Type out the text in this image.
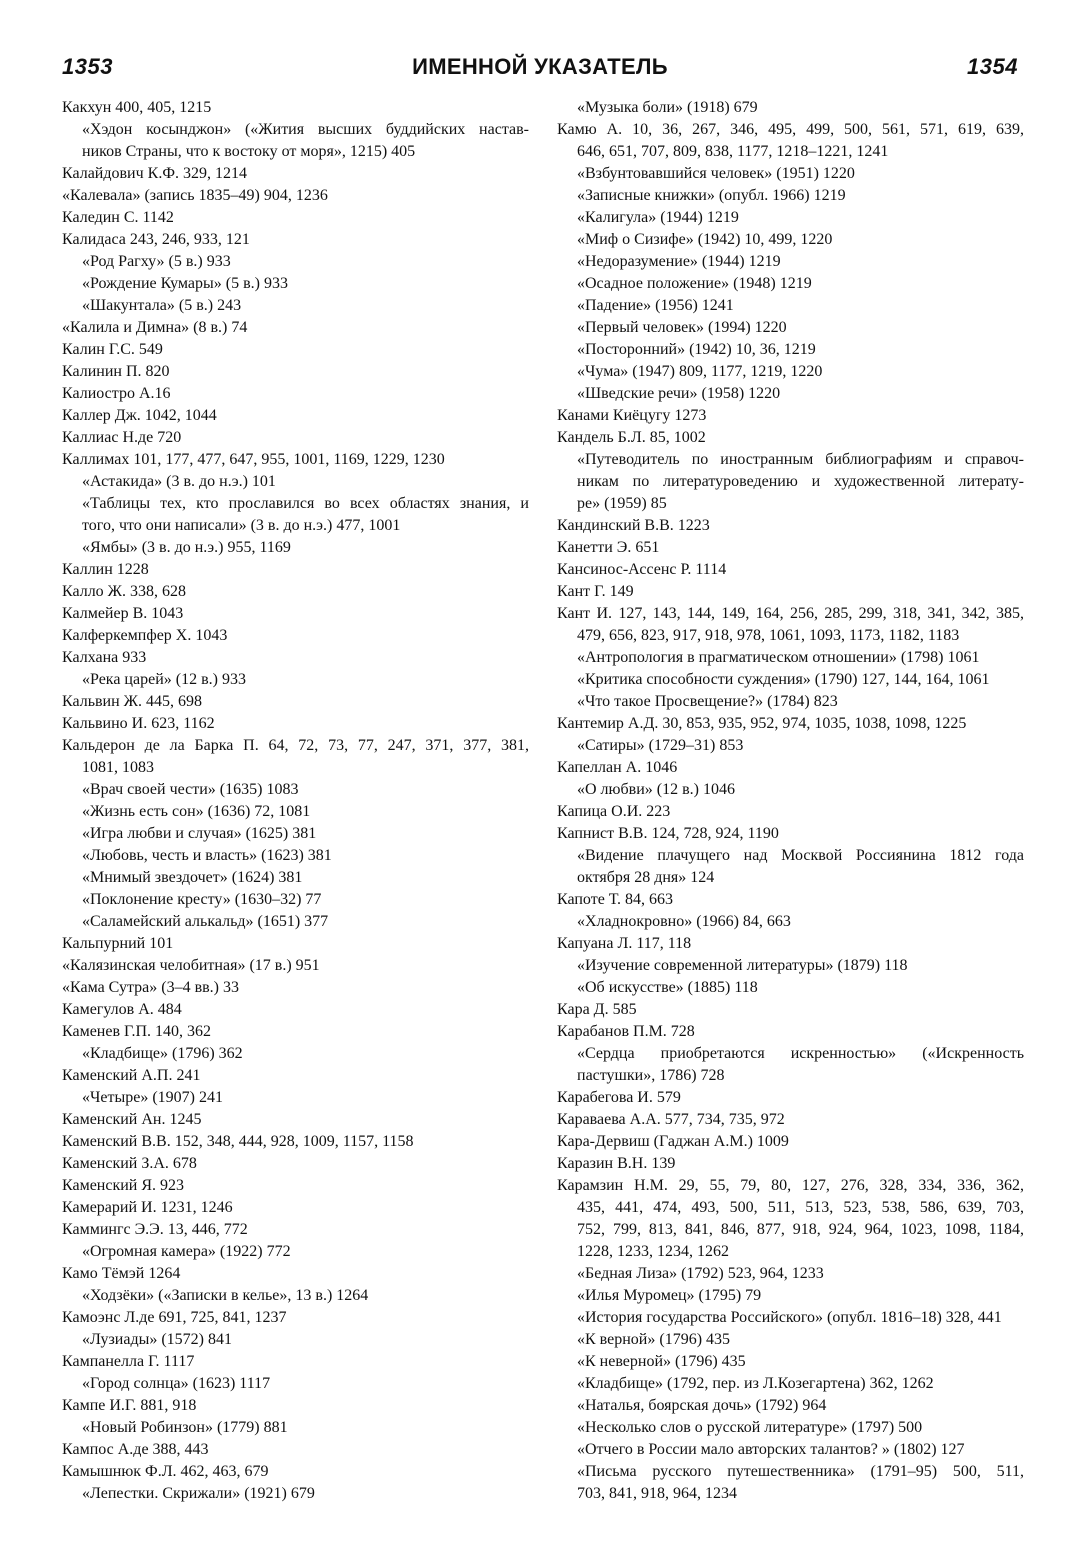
1353	ИМЕННОЙ УКАЗАТЕЛЬ	1354
Какхун 400, 405, 1215
«Хэдон косынджон» («Жития высших буддийских настав-
ников Страны, что к востоку от моря», 1215) 405
Калайдович К.Ф. 329, 1214
«Калевала» (запись 1835–49) 904, 1236
Каледин С. 1142
Калидаса 243, 246, 933, 121
«Род Рагху» (5 в.) 933
«Рождение Кумары» (5 в.) 933
«Шакунтала» (5 в.) 243
«Калила и Димна» (8 в.) 74
Калин Г.С. 549
Калинин П. 820
Калиостро А.16
Каллер Дж. 1042, 1044
Каллиас Н.де 720
Каллимах 101, 177, 477, 647, 955, 1001, 1169, 1229, 1230
«Астакида» (3 в. до н.э.) 101
«Таблицы тех, кто прославился во всех областях знания, и
того, что они написали» (3 в. до н.э.) 477, 1001
«Ямбы» (3 в. до н.э.) 955, 1169
Каллин 1228
Калло Ж. 338, 628
Калмейер В. 1043
Калферкемпфер Х. 1043
Калхана 933
«Река царей» (12 в.) 933
Кальвин Ж. 445, 698
Кальвино И. 623, 1162
Кальдерон де ла Барка П. 64, 72, 73, 77, 247, 371, 377, 381,
1081, 1083
«Врач своей чести» (1635) 1083
«Жизнь есть сон» (1636) 72, 1081
«Игра любви и случая» (1625) 381
«Любовь, честь и власть» (1623) 381
«Мнимый звездочет» (1624) 381
«Поклонение кресту» (1630–32) 77
«Саламейский алькальд» (1651) 377
Кальпурний 101
«Калязинская челобитная» (17 в.) 951
«Кама Сутра» (3–4 вв.) 33
Камегулов А. 484
Каменев Г.П. 140, 362
«Кладбище» (1796) 362
Каменский А.П. 241
«Четыре» (1907) 241
Каменский Ан. 1245
Каменский В.В. 152, 348, 444, 928, 1009, 1157, 1158
Каменский З.А. 678
Каменский Я. 923
Камерарий И. 1231, 1246
Каммингс Э.Э. 13, 446, 772
«Огромная камера» (1922) 772
Камо Тёмэй 1264
«Ходзёки» («Записки в келье», 13 в.) 1264
Камоэнс Л.де 691, 725, 841, 1237
«Лузиады» (1572) 841
Кампанелла Г. 1117
«Город солнца» (1623) 1117
Кампе И.Г. 881, 918
«Новый Робинзон» (1779) 881
Кампос А.де 388, 443
Камышнюк Ф.Л. 462, 463, 679
«Лепестки. Скрижали» (1921) 679
«Музыка боли» (1918) 679
Камю А. 10, 36, 267, 346, 495, 499, 500, 561, 571, 619, 639,
646, 651, 707, 809, 838, 1177, 1218–1221, 1241
«Взбунтовавшийся человек» (1951) 1220
«Записные книжки» (опубл. 1966) 1219
«Калигула» (1944) 1219
«Миф о Сизифе» (1942) 10, 499, 1220
«Недоразумение» (1944) 1219
«Осадное положение» (1948) 1219
«Падение» (1956) 1241
«Первый человек» (1994) 1220
«Посторонний» (1942) 10, 36, 1219
«Чума» (1947) 809, 1177, 1219, 1220
«Шведские речи» (1958) 1220
Канами Киёцугу 1273
Кандель Б.Л. 85, 1002
«Путеводитель по иностранным библиографиям и справоч-
никам по литературоведению и художественной литерату-
ре» (1959) 85
Кандинский В.В. 1223
Канетти Э. 651
Кансинос-Ассенс Р. 1114
Кант Г. 149
Кант И. 127, 143, 144, 149, 164, 256, 285, 299, 318, 341, 342, 385,
479, 656, 823, 917, 918, 978, 1061, 1093, 1173, 1182, 1183
«Антропология в прагматическом отношении» (1798) 1061
«Критика способности суждения» (1790) 127, 144, 164, 1061
«Что такое Просвещение?» (1784) 823
Кантемир А.Д. 30, 853, 935, 952, 974, 1035, 1038, 1098, 1225
«Сатиры» (1729–31) 853
Капеллан А. 1046
«О любви» (12 в.) 1046
Капица О.И. 223
Капнист В.В. 124, 728, 924, 1190
«Видение плачущего над Москвой Россиянина 1812 года
октября 28 дня» 124
Капоте Т. 84, 663
«Хладнокровно» (1966) 84, 663
Капуана Л. 117, 118
«Изучение современной литературы» (1879) 118
«Об искусстве» (1885) 118
Кара Д. 585
Карабанов П.М. 728
«Сердца приобретаются искренностью» («Искренность
пастушки», 1786) 728
Карабегова И. 579
Караваева А.А. 577, 734, 735, 972
Кара-Дервиш (Гаджан А.М.) 1009
Каразин В.Н. 139
Карамзин Н.М. 29, 55, 79, 80, 127, 276, 328, 334, 336, 362,
435, 441, 474, 493, 500, 511, 513, 523, 538, 586, 639, 703,
752, 799, 813, 841, 846, 877, 918, 924, 964, 1023, 1098, 1184,
1228, 1233, 1234, 1262
«Бедная Лиза» (1792) 523, 964, 1233
«Илья Муромец» (1795) 79
«История государства Российского» (опубл. 1816–18) 328, 441
«К верной» (1796) 435
«К неверной» (1796) 435
«Кладбище» (1792, пер. из Л.Козегартена) 362, 1262
«Наталья, боярская дочь» (1792) 964
«Несколько слов о русской литературе» (1797) 500
«Отчего в России мало авторских талантов? » (1802) 127
«Письма русского путешественника» (1791–95) 500, 511,
703, 841, 918, 964, 1234
